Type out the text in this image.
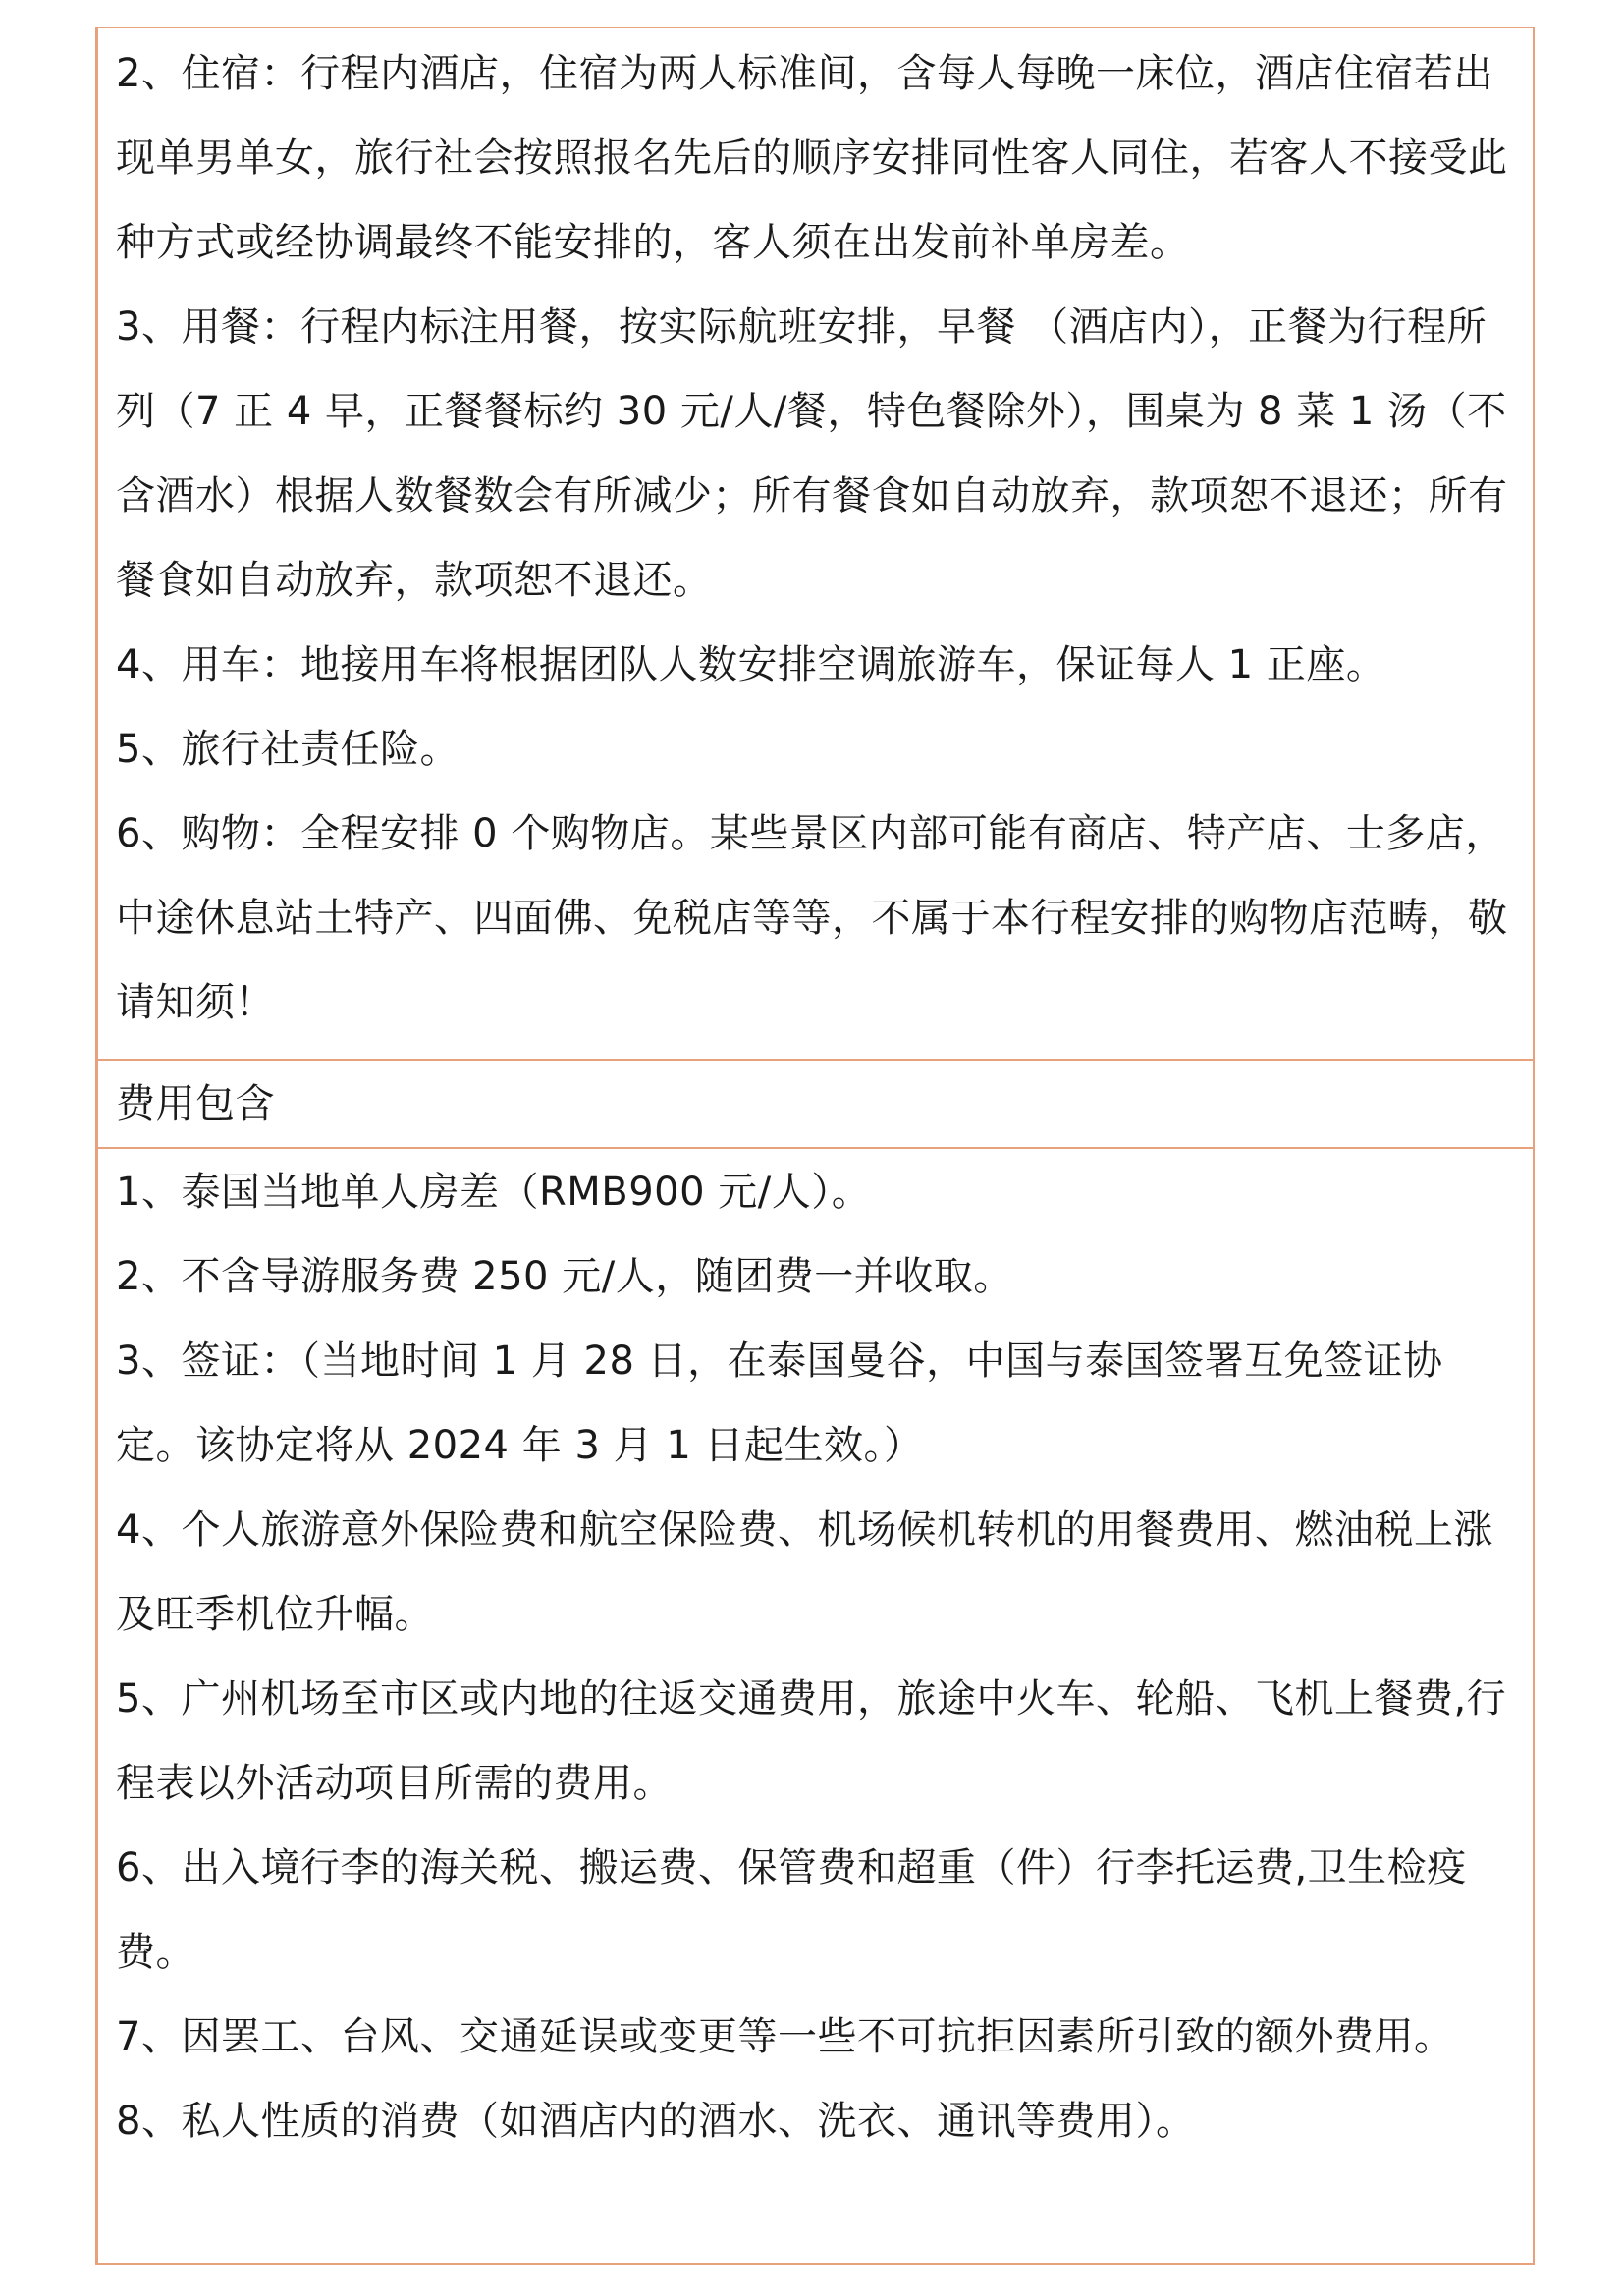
2、住宿：行程内酒店，住宿为两人标准间，含每人每晚一床位，酒店住宿若出现单男单女，旅行社会按照报名先后的顺序安排同性客人同住，若客人不接受此种方式或经协调最终不能安排的，客人须在出发前补单房差。

3、用餐：行程内标注用餐，按实际航班安排，早餐 （酒店内），正餐为行程所列（7 正 4 早，正餐餐标约 30 元/人/餐，特色餐除外），围桌为 8 菜 1 汤（不含酒水）根据人数餐数会有所减少；所有餐食如自动放弃，款项恕不退还；所有餐食如自动放弃，款项恕不退还。

4、用车：地接用车将根据团队人数安排空调旅游车，保证每人 1 正座。

5、旅行社责任险。

6、购物：全程安排 0 个购物店。某些景区内部可能有商店、特产店、士多店，中途休息站土特产、四面佛、免税店等等，不属于本行程安排的购物店范畴，敬请知须！

费用包含

1、泰国当地单人房差（RMB900 元/人）。

2、不含导游服务费 250 元/人，随团费一并收取。

3、签证：（当地时间 1 月 28 日，在泰国曼谷，中国与泰国签署互免签证协定。该协定将从 2024 年 3 月 1 日起生效。）

4、个人旅游意外保险费和航空保险费、机场候机转机的用餐费用、燃油税上涨及旺季机位升幅。

5、广州机场至市区或内地的往返交通费用，旅途中火车、轮船、飞机上餐费,行程表以外活动项目所需的费用。

6、出入境行李的海关税、搬运费、保管费和超重（件）行李托运费,卫生检疫费。

7、因罢工、台风、交通延误或变更等一些不可抗拒因素所引致的额外费用。

8、私人性质的消费（如酒店内的酒水、洗衣、通讯等费用）。
